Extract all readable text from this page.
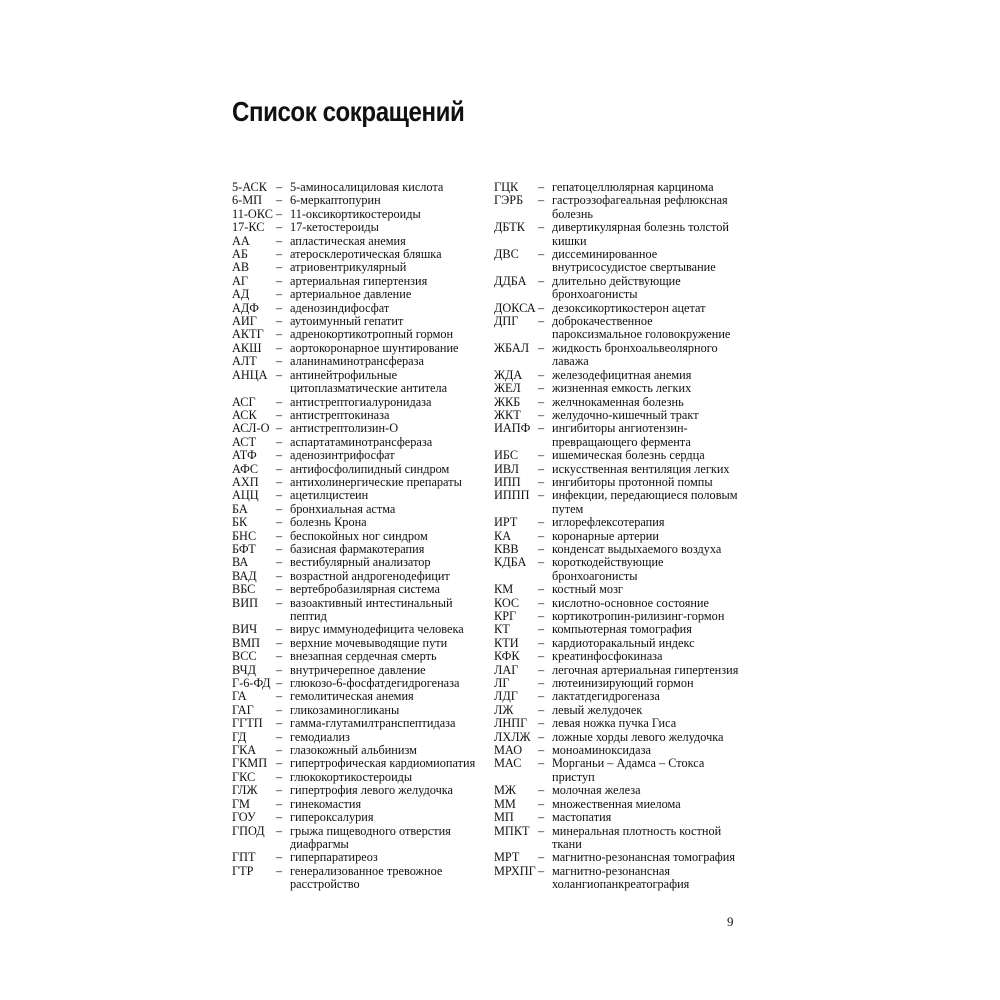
Список сокращений
5-АСК – 5-аминосалициловая кислота
6-МП	– 6-меркаптопурин
11-ОКС – 11-оксикортикостероиды
17-КС – 17-кетостероиды
АА	– апластическая анемия
АБ	– атеросклеротическая бляшка
АВ	– атриовентрикулярный
АГ	– артериальная гипертензия
АД	– артериальное давление
АДФ	– аденозиндифосфат
АИГ	– аутоимунный гепатит
АКТГ – адренокортикотропный гормон
АКШ	– аортокоронарное шунтирование
АЛТ	– аланинаминотрансфераза
АНЦА – антинейтрофильные цитоплазматические антитела
АСГ	– антистрептогиалуронидаза
АСК	– антистрептокиназа
АСЛ-О – антистрептолизин-О
АСТ	– аспартатаминотрансфераза
АТФ	– аденозинтрифосфат
АФС	– антифосфолипидный синдром
АХП	– антихолинергические препараты
АЦЦ	– ацетилцистеин
БА	– бронхиальная астма
БК	– болезнь Крона
БНС	– беспокойных ног синдром
БФТ	– базисная фармакотерапия
ВА	– вестибулярный анализатор
ВАД	– возрастной андрогенодефицит
ВБС	– вертебробазилярная система
ВИП	– вазоактивный интестинальный пептид
ВИЧ	– вирус иммунодефицита человека
ВМП	– верхние мочевыводящие пути
ВСС	– внезапная сердечная смерть
ВЧД	– внутричерепное давление
Г-6-ФД – глюкозо-6-фосфатдегидрогеназа
ГА	– гемолитическая анемия
ГАГ	– гликозаминогликаны
ГГТП	– гамма-глутамилтранспептидаза
ГД	– гемодиализ
ГКА	– глазокожный альбинизм
ГКМП – гипертрофическая кардиомиопатия
ГКС	– глюкокортикостероиды
ГЛЖ	– гипертрофия левого желудочка
ГМ	– гинекомастия
ГОУ	– гипероксалурия
ГПОД – грыжа пищеводного отверстия диафрагмы
ГПТ	– гиперпаратиреоз
ГТР	– генерализованное тревожное расстройство
ГЦК	– гепатоцеллюлярная карцинома
ГЭРБ	– гастроэзофагеальная рефлюксная болезнь
ДБТК	– дивертикулярная болезнь толстой кишки
ДВС	– диссеминированное внутрисосудистое свертывание
ДДБА – длительно действующие бронхоагонисты
ДОКСА – дезоксикортикостерон ацетат
ДПГ	– доброкачественное пароксизмальное головокружение
ЖБАЛ – жидкость бронхоальвеолярного лаважа
ЖДА	– железодефицитная анемия
ЖЕЛ	– жизненная емкость легких
ЖКБ	– желчнокаменная болезнь
ЖКТ	– желудочно-кишечный тракт
ИАПФ – ингибиторы ангиотензин-превращающего фермента
ИБС	– ишемическая болезнь сердца
ИВЛ	– искусственная вентиляция легких
ИПП	– ингибиторы протонной помпы
ИППП – инфекции, передающиеся половым путем
ИРТ	– иглорефлексотерапия
КА	– коронарные артерии
КВВ	– конденсат выдыхаемого воздуха
КДБА – короткодействующие бронхоагонисты
КМ	– костный мозг
КОС	– кислотно-основное состояние
КРГ	– кортикотропин-рилизинг-гормон
КТ	– компьютерная томография
КТИ	– кардиоторакальный индекс
КФК	– креатинфосфокиназа
ЛАГ	– легочная артериальная гипертензия
ЛГ	– лютеинизирующий гормон
ЛДГ	– лактатдегидрогеназа
ЛЖ	– левый желудочек
ЛНПГ – левая ножка пучка Гиса
ЛХЛЖ – ложные хорды левого желудочка
МАО	– моноаминоксидаза
МАС	– Морганьи – Адамса – Стокса приступ
МЖ	– молочная железа
ММ	– множественная миелома
МП	– мастопатия
МПКТ – минеральная плотность костной ткани
МРТ	– магнитно-резонансная томография
МРХПГ – магнитно-резонансная холангиопанкреатография
9
